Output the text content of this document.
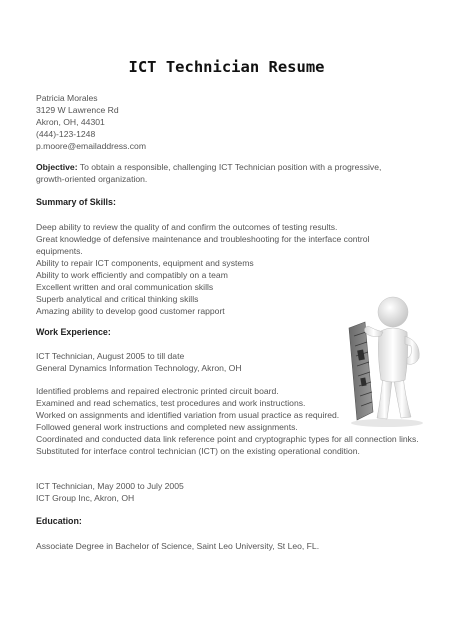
ICT Technician Resume
Patricia Morales
3129 W Lawrence Rd
Akron, OH, 44301
(444)-123-1248
p.moore@emailaddress.com
Objective: To obtain a responsible, challenging ICT Technician position with a progressive, growth-oriented organization.
Summary of Skills:
Deep ability to review the quality of and confirm the outcomes of testing results.
Great knowledge of defensive maintenance and troubleshooting for the interface control equipments.
Ability to repair ICT components, equipment and systems
Ability to work efficiently and compatibly on a team
Excellent written and oral communication skills
Superb analytical and critical thinking skills
Amazing ability to develop good customer rapport
Work Experience:
ICT Technician, August 2005 to till date
General Dynamics Information Technology, Akron, OH
Identified problems and repaired electronic printed circuit board.
Examined and read schematics, test procedures and work instructions.
Worked on assignments and identified variation from usual practice as required.
Followed general work instructions and completed new assignments.
Coordinated and conducted data link reference point and cryptographic types for all connection links.
Substituted for interface control technician (ICT) on the existing operational condition.
ICT Technician, May 2000 to July 2005
ICT Group Inc, Akron, OH
Education:
Associate Degree in Bachelor of Science, Saint Leo University, St Leo, FL.
